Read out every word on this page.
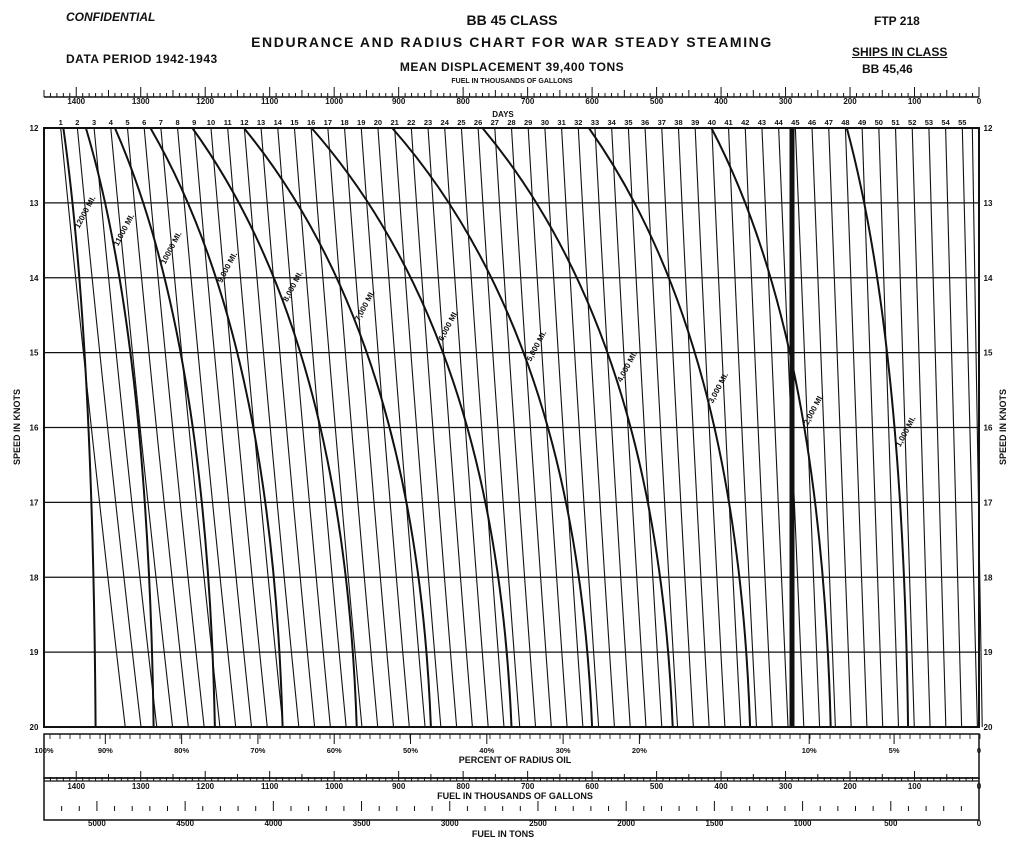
CONFIDENTIAL	BB 45 CLASS	FTP 218
ENDURANCE AND RADIUS CHART FOR WAR STEADY STEAMING
SHIPS IN CLASS
DATA PERIOD 1942-1943
MEAN DISPLACEMENT 39,400 TONS	BB 45,46
1400	1300	1200	1100	1000	900	800	700	600	500	400	300	200	100	0
FUEL IN THOUSANDS OF GALLONS
DAYS
1 2 3 4 5 6 7 8 9 10 11 12 13 14 15 16 17 18 19 20 21 22 23 24 25 26 27 28 29 30 31 32 33 34 35 36 37 38 39 40 41 42 43 44 45 46 47 48 49 50 51 52 53 54 55
12000 MI.
11000 MI.
10000 MI.
9,000 MI.
8,000 MI.
7,000 MI.
6,000 MI.
5,000 MI.
4,000 MI.
3,000 MI.
2,000 MI.
1,000 MI.
12
13
14
15
16
17
18
19
20
12
13
14
15
16
17
18
19
20
SPEED IN KNOTS	SPEED IN KNOTS
100%	90%	80%	70%	60%	50%	40%	30%	20%	10%	5%	0
1400	1300	1200	1100	1000	900	800	700	600	500	400	300	200	100	0
5000	4500	4000	3500	3000	2500	2000	1500	1000	500	0
PERCENT OF RADIUS OIL
FUEL IN THOUSANDS OF GALLONS
FUEL IN TONS
